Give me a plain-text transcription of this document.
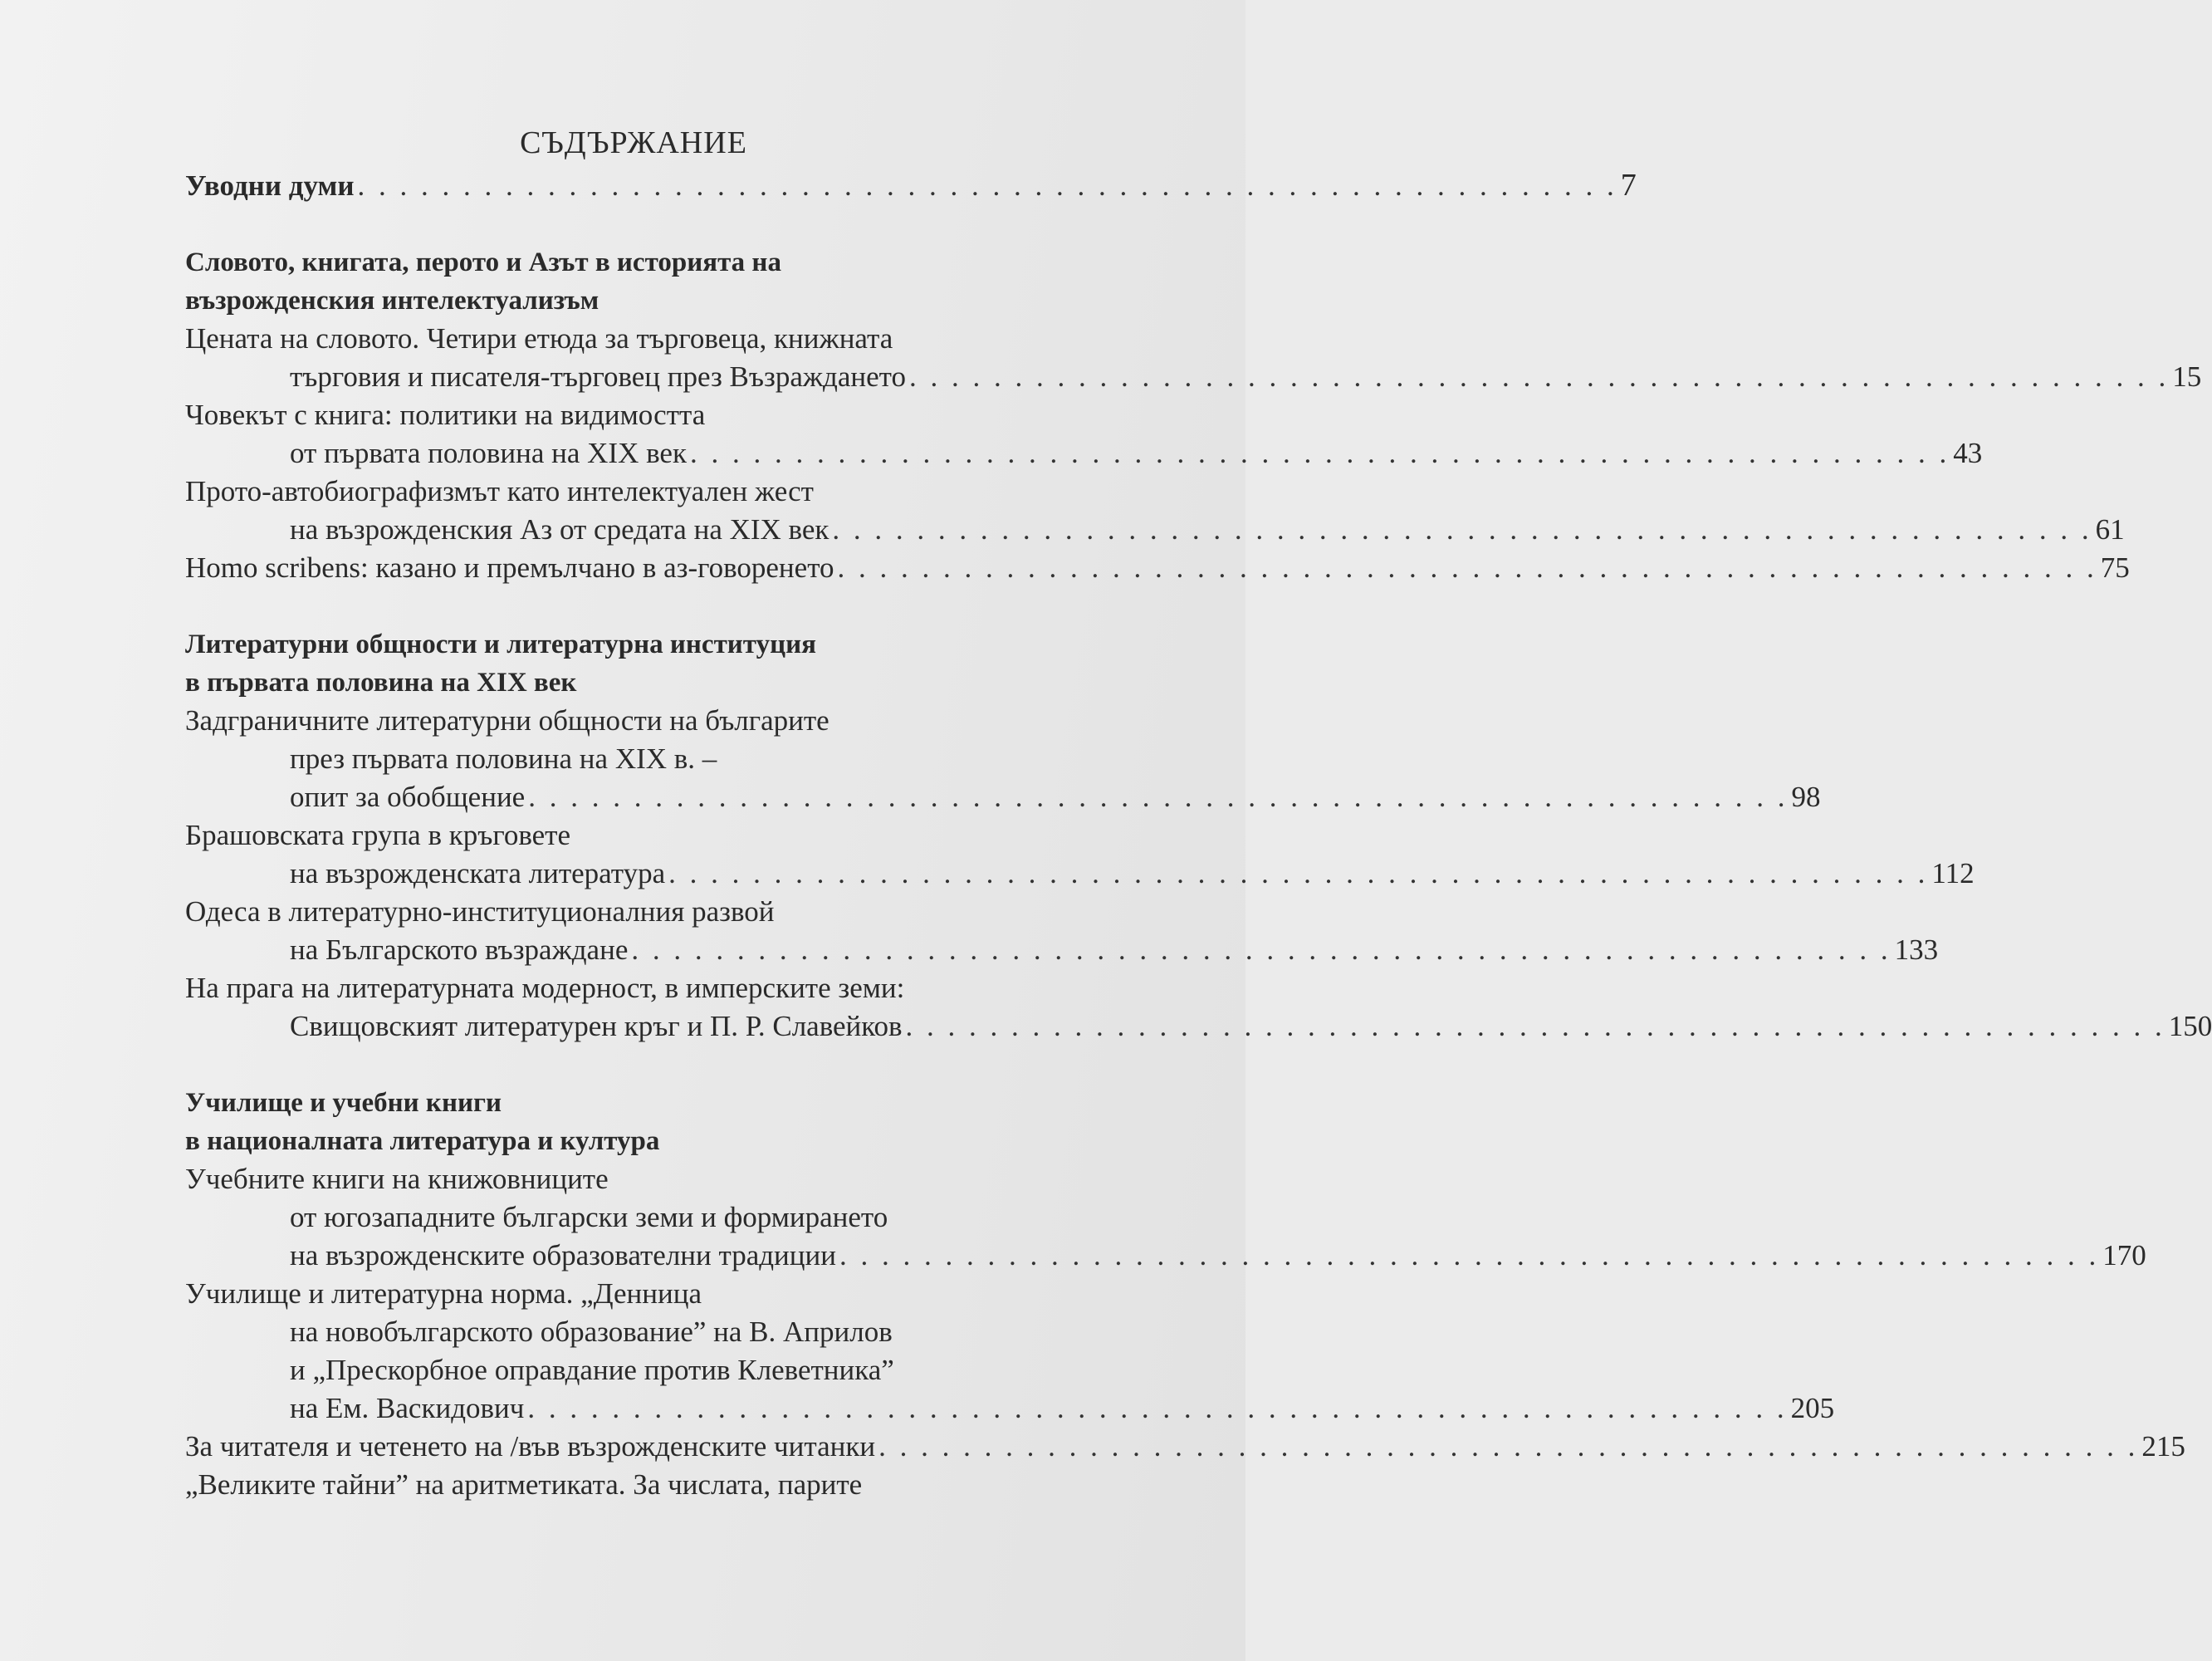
СЪДЪРЖАНИЕ
Уводни думи . . . . . . . . . . . . . . . . . . . . . . . . . . . . . . . . . . . . . . . . . . . . . . . . . . . . . . . . . . . . 7
Словото, книгата, перото и Азът в историята на
възрожденския интелектуализъм
Цената на словото. Четири етюда за търговеца, книжната
търговия и писателя-търговец през Възраждането . . . . . . . . . . . . . . . . . . . . . . . . . . . . . . . . . . . . . . . . . . . . . . . . . . . . . . . . . . . . 15
Човекът с книга: политики на видимостта
от първата половина на XIX век . . . . . . . . . . . . . . . . . . . . . . . . . . . . . . . . . . . . . . . . . . . . . . . . . . . . . . . . . . . . 43
Прото-автобиографизмът като интелектуален жест
на възрожденския Аз от средата на XIX век . . . . . . . . . . . . . . . . . . . . . . . . . . . . . . . . . . . . . . . . . . . . . . . . . . . . . . . . . . . . 61
Homo scribens: казано и премълчано в аз-говоренето . . . . . . . . . . . . . . . . . . . . . . . . . . . . . . . . . . . . . . . . . . . . . . . . . . . . . . . . . . . . 75
Литературни общности и литературна институция
в първата половина на XIX век
Задграничните литературни общности на българите
през първата половина на XIX в. –
опит за обобщение . . . . . . . . . . . . . . . . . . . . . . . . . . . . . . . . . . . . . . . . . . . . . . . . . . . . . . . . . . . . 98
Брашовската група в кръговете
на възрожденската литература . . . . . . . . . . . . . . . . . . . . . . . . . . . . . . . . . . . . . . . . . . . . . . . . . . . . . . . . . . . . 112
Одеса в литературно-институционалния развой
на Българското възраждане . . . . . . . . . . . . . . . . . . . . . . . . . . . . . . . . . . . . . . . . . . . . . . . . . . . . . . . . . . . . 133
На прага на литературната модерност, в имперските земи:
Свищовският литературен кръг и П. Р. Славейков . . . . . . . . . . . . . . . . . . . . . . . . . . . . . . . . . . . . . . . . . . . . . . . . . . . . . . . . . . . . 150
Училище и учебни книги
в националната литература и култура
Учебните книги на книжовниците
от югозападните български земи и формирането
на възрожденските образователни традиции . . . . . . . . . . . . . . . . . . . . . . . . . . . . . . . . . . . . . . . . . . . . . . . . . . . . . . . . . . . . 170
Училище и литературна норма. „Денница
на новобългарското образование” на В. Априлов
и „Прескорбное оправдание против Клеветника”
на Ем. Васкидович . . . . . . . . . . . . . . . . . . . . . . . . . . . . . . . . . . . . . . . . . . . . . . . . . . . . . . . . . . . . 205
За читателя и четенето на /във възрожденските читанки . . . . . . . . . . . . . . . . . . . . . . . . . . . . . . . . . . . . . . . . . . . . . . . . . . . . . . . . . . . . 215
„Великите тайни” на аритметиката. За числата, парите
